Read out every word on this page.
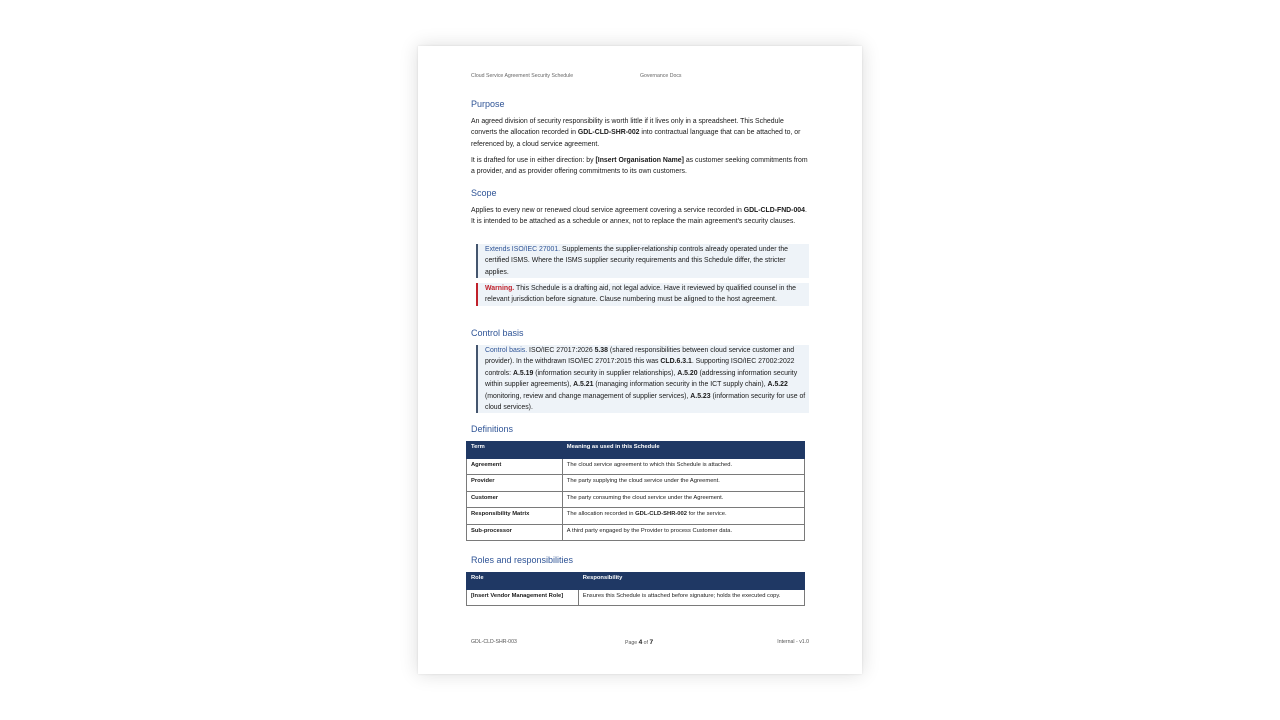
Cloud Service Agreement Security Schedule	Governance Docs
Purpose

An agreed division of security responsibility is worth little if it lives only in a spreadsheet. This Schedule converts the allocation recorded in GDL-CLD-SHR-002 into contractual language that can be attached to, or referenced by, a cloud service agreement.

It is drafted for use in either direction: by [Insert Organisation Name] as customer seeking commitments from a provider, and as provider offering commitments to its own customers.

Scope

Applies to every new or renewed cloud service agreement covering a service recorded in GDL-CLD-FND-004. It is intended to be attached as a schedule or annex, not to replace the main agreement's security clauses.

Extends ISO/IEC 27001. Supplements the supplier-relationship controls already operated under the certified ISMS. Where the ISMS supplier security requirements and this Schedule differ, the stricter applies.
Warning. This Schedule is a drafting aid, not legal advice. Have it reviewed by qualified counsel in the relevant jurisdiction before signature. Clause numbering must be aligned to the host agreement.
Control basis
Control basis. ISO/IEC 27017:2026 5.38 (shared responsibilities between cloud service customer and provider). In the withdrawn ISO/IEC 27017:2015 this was CLD.6.3.1. Supporting ISO/IEC 27002:2022 controls: A.5.19 (information security in supplier relationships), A.5.20 (addressing information security within supplier agreements), A.5.21 (managing information security in the ICT supply chain), A.5.22 (monitoring, review and change management of supplier services), A.5.23 (information security for use of cloud services).
Definitions
Term	Meaning as used in this Schedule
Agreement	The cloud service agreement to which this Schedule is attached.
Provider	The party supplying the cloud service under the Agreement.
Customer	The party consuming the cloud service under the Agreement.
Responsibility Matrix	The allocation recorded in GDL-CLD-SHR-002 for the service.
Sub-processor	A third party engaged by the Provider to process Customer data.
Roles and responsibilities
Role	Responsibility
[Insert Vendor Management Role]	Ensures this Schedule is attached before signature; holds the executed copy.
GDL-CLD-SHR-003	Page 4 of 7	Internal - v1.0
